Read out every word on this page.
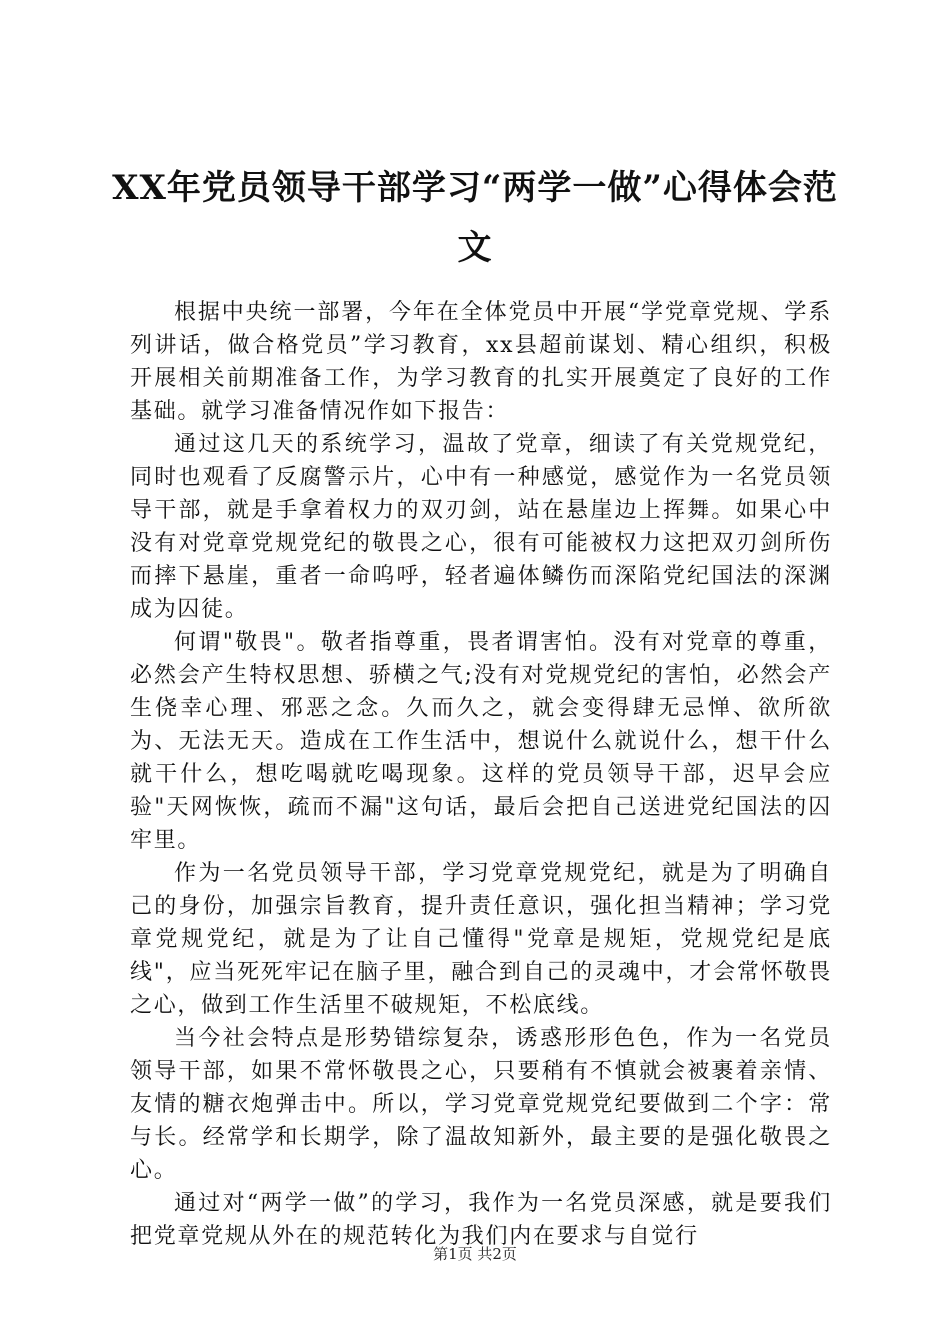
XX年党员领导干部学习“两学一做”心得体会范文

根据中央统一部署，今年在全体党员中开展“学党章党规、学系列讲话，做合格党员”学习教育，xx县超前谋划、精心组织，积极开展相关前期准备工作，为学习教育的扎实开展奠定了良好的工作基础。就学习准备情况作如下报告：

通过这几天的系统学习，温故了党章，细读了有关党规党纪，同时也观看了反腐警示片，心中有一种感觉，感觉作为一名党员领导干部，就是手拿着权力的双刃剑，站在悬崖边上挥舞。如果心中没有对党章党规党纪的敬畏之心，很有可能被权力这把双刃剑所伤而摔下悬崖，重者一命呜呼，轻者遍体鳞伤而深陷党纪国法的深渊成为囚徒。

何谓"敬畏"。敬者指尊重，畏者谓害怕。没有对党章的尊重，必然会产生特权思想、骄横之气;没有对党规党纪的害怕，必然会产生侥幸心理、邪恶之念。久而久之，就会变得肆无忌惮、欲所欲为、无法无天。造成在工作生活中，想说什么就说什么，想干什么就干什么，想吃喝就吃喝现象。这样的党员领导干部，迟早会应验"天网恢恢，疏而不漏"这句话，最后会把自己送进党纪国法的囚牢里。

作为一名党员领导干部，学习党章党规党纪，就是为了明确自己的身份，加强宗旨教育，提升责任意识，强化担当精神；学习党章党规党纪，就是为了让自己懂得"党章是规矩，党规党纪是底线"，应当死死牢记在脑子里，融合到自己的灵魂中，才会常怀敬畏之心，做到工作生活里不破规矩，不松底线。

当今社会特点是形势错综复杂，诱惑形形色色，作为一名党员领导干部，如果不常怀敬畏之心，只要稍有不慎就会被裹着亲情、友情的糖衣炮弹击中。所以，学习党章党规党纪要做到二个字：常与长。经常学和长期学，除了温故知新外，最主要的是强化敬畏之心。

通过对“两学一做”的学习，我作为一名党员深感，就是要我们把党章党规从外在的规范转化为我们内在要求与自觉行

第1页 共2页
